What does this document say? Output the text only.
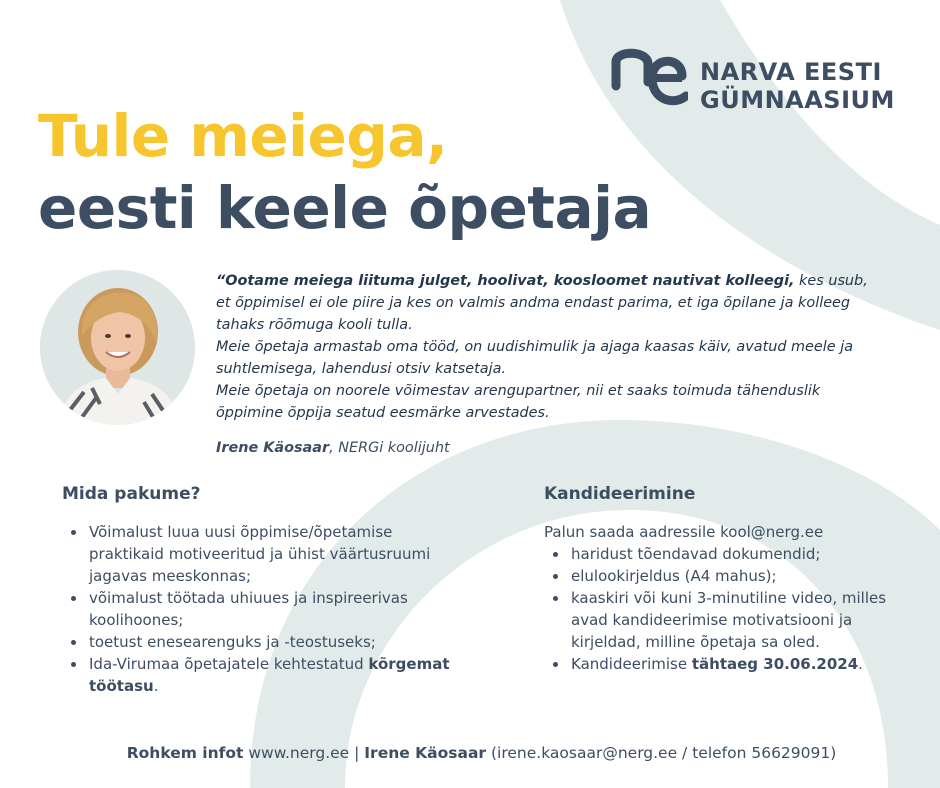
NARVA EESTI
GÜMNAASIUM
Tule meiega,
eesti keele õpetaja

“Ootame meiega liituma julget, hoolivat, koosloomet nautivat kolleegi, kes usub, et õppimisel ei ole piire ja kes on valmis andma endast parima, et iga õpilane ja kolleeg tahaks rõõmuga kooli tulla.

Meie õpetaja armastab oma tööd, on uudishimulik ja ajaga kaasas käiv, avatud meele ja suhtlemisega, lahendusi otsiv katsetaja.

Meie õpetaja on noorele võimestav arengupartner, nii et saaks toimuda tähenduslik õppimine õppija seatud eesmärke arvestades.

Irene Käosaar, NERGi koolijuht
Mida pakume?
Võimalust luua uusi õppimise/õpetamise praktikaid motiveeritud ja ühist väärtusruumi jagavas meeskonnas;
võimalust töötada uhiuues ja inspireerivas koolihoones;
toetust enesearenguks ja -teostuseks;
Ida-Virumaa õpetajatele kehtestatud kõrgemat töötasu.
Kandideerimine
Palun saada aadressile kool@nerg.ee
haridust tõendavad dokumendid;
elulookirjeldus (A4 mahus);
kaaskiri või kuni 3-minutiline video, milles avad kandideerimise motivatsiooni ja kirjeldad, milline õpetaja sa oled.
Kandideerimise tähtaeg 30.06.2024.
Rohkem infot www.nerg.ee | Irene Käosaar (irene.kaosaar@nerg.ee / telefon 56629091)
